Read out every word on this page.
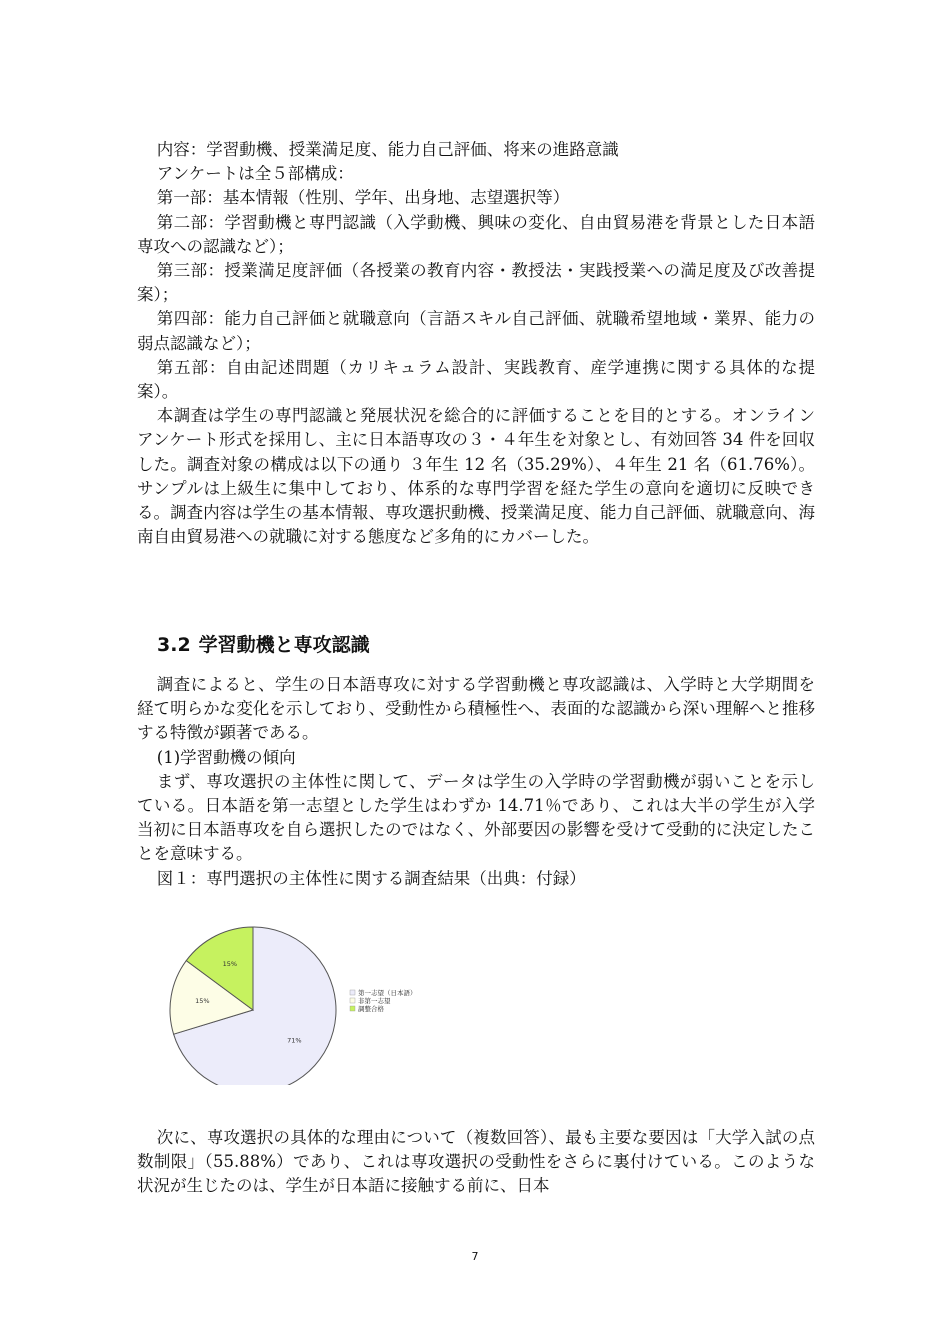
内容：学習動機、授業満足度、能力自己評価、将来の進路意識

アンケートは全５部構成：

第一部：基本情報（性別、学年、出身地、志望選択等）

第二部：学習動機と専門認識（入学動機、興味の変化、自由貿易港を背景とした日本語専攻への認識など）；

第三部：授業満足度評価（各授業の教育内容・教授法・実践授業への満足度及び改善提案）；

第四部：能力自己評価と就職意向（言語スキル自己評価、就職希望地域・業界、能力の弱点認識など）；

第五部：自由記述問題（カリキュラム設計、実践教育、産学連携に関する具体的な提案）。

本調査は学生の専門認識と発展状況を総合的に評価することを目的とする。オンラインアンケート形式を採用し、主に日本語専攻の３・４年生を対象とし、有効回答 34 件を回収した。調査対象の構成は以下の通り ３年生 12 名（35.29%）、４年生 21 名（61.76%）。サンプルは上級生に集中しており、体系的な専門学習を経た学生の意向を適切に反映できる。調査内容は学生の基本情報、専攻選択動機、授業満足度、能力自己評価、就職意向、海南自由貿易港への就職に対する態度など多角的にカバーした。

3.2 学習動機と専攻認識

調査によると、学生の日本語専攻に対する学習動機と専攻認識は、入学時と大学期間を経て明らかな変化を示しており、受動性から積極性へ、表面的な認識から深い理解へと推移する特徴が顕著である。

(1)学習動機の傾向

まず、専攻選択の主体性に関して、データは学生の入学時の学習動機が弱いことを示している。日本語を第一志望とした学生はわずか 14.71％であり、これは大半の学生が入学当初に日本語専攻を自ら選択したのではなく、外部要因の影響を受けて受動的に決定したことを意味する。

図１：専門選択の主体性に関する調査結果（出典：付録）

71%
15%
15%
第一志望（日本語）
非第一志望
調整合格

次に、専攻選択の具体的な理由について（複数回答）、最も主要な要因は「大学入試の点数制限」（55.88%）であり、これは専攻選択の受動性をさらに裏付けている。このような状況が生じたのは、学生が日本語に接触する前に、日本

7
